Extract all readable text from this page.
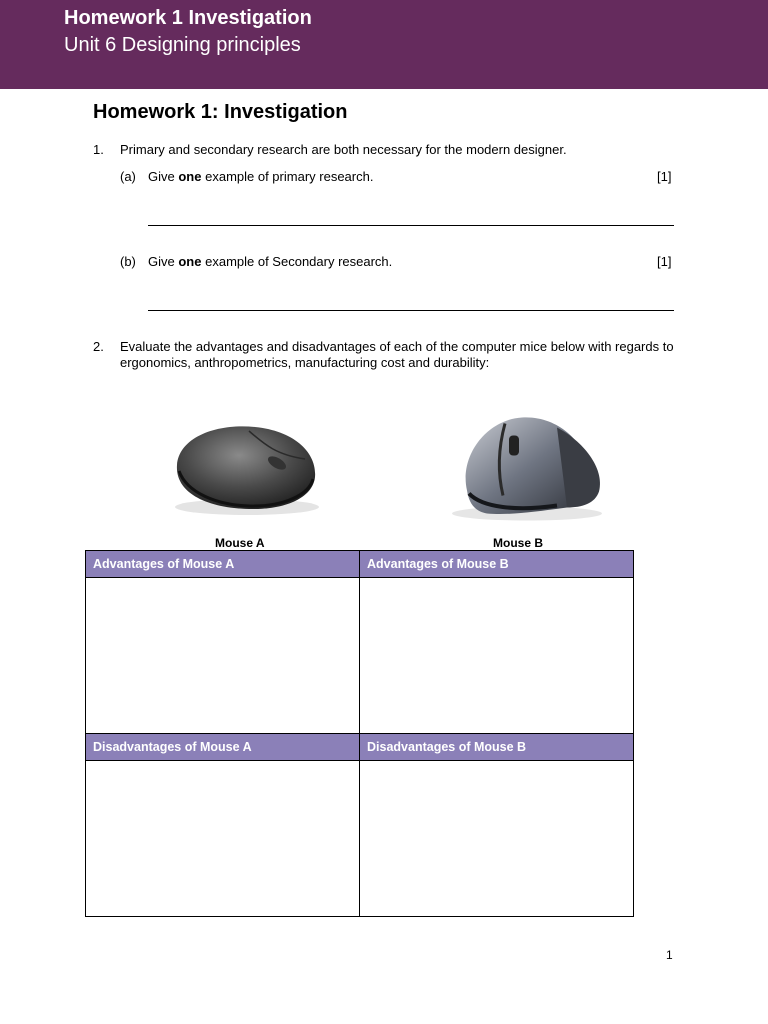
Homework 1 Investigation
Unit 6 Designing principles
Homework 1: Investigation
1. Primary and secondary research are both necessary for the modern designer.
(a) Give one example of primary research.	[1]
(b) Give one example of Secondary research.	[1]
2. Evaluate the advantages and disadvantages of each of the computer mice below with regards to ergonomics, anthropometrics, manufacturing cost and durability:
Mouse A	Mouse B
Advantages of Mouse A	Advantages of Mouse B

Disadvantages of Mouse A	Disadvantages of Mouse B

1
